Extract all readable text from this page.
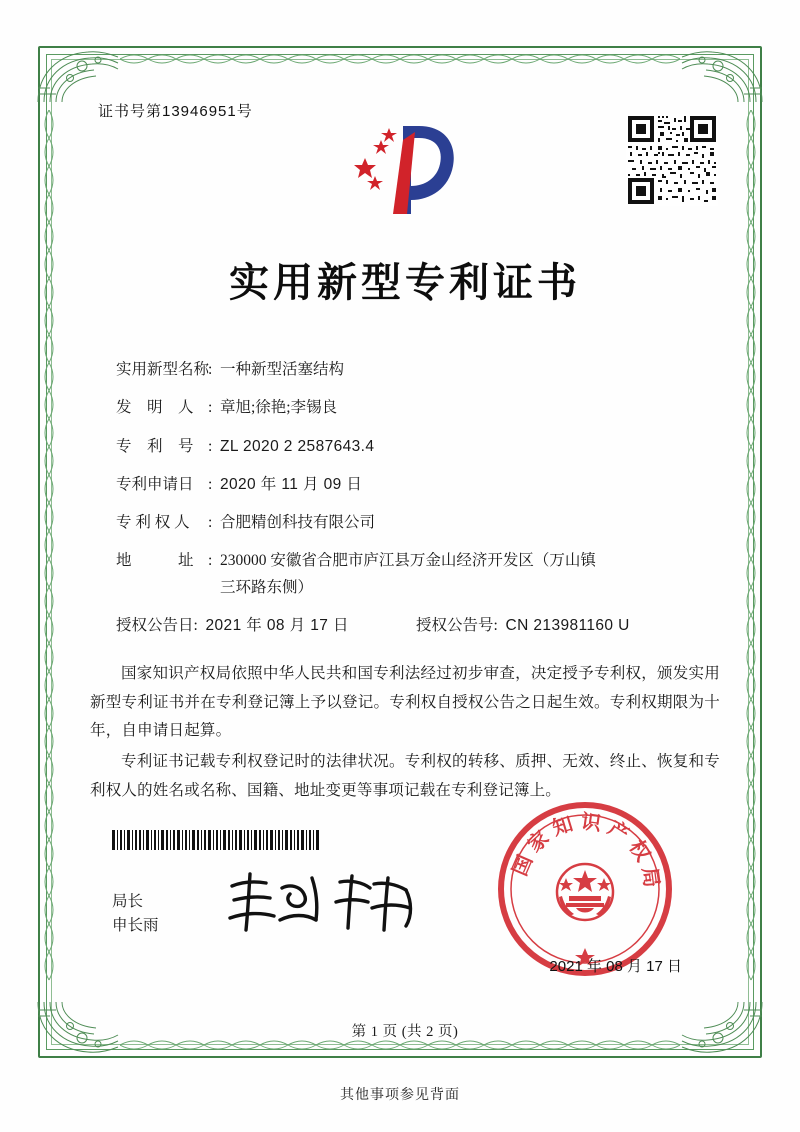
证书号第13946951号
实用新型专利证书
实用新型名称
: 一种新型活塞结构
发　明　人 : 章旭;徐艳;李锡良
专　利　号 : ZL 2020 2 2587643.4
专利申请日 : 2020 年 11 月 09 日
专 利 权 人	: 合肥精创科技有限公司
地　　　址 : 230000 安徽省合肥市庐江县万金山经济开发区（万山镇
三环路东侧）
授权公告日 : 2021 年 08 月 17 日	授权公告号 : CN 213981160 U

国家知识产权局依照中华人民共和国专利法经过初步审查，决定授予专利权，颁发实用新型专利证书并在专利登记簿上予以登记。专利权自授权公告之日起生效。专利权期限为十年，自申请日起算。

专利证书记载专利权登记时的法律状况。专利权的转移、质押、无效、终止、恢复和专利权人的姓名或名称、国籍、地址变更等事项记载在专利登记簿上。

局长
申长雨
国家知识产权局
2021 年 08 月 17 日
第 1 页 (共 2 页)
其他事项参见背面
